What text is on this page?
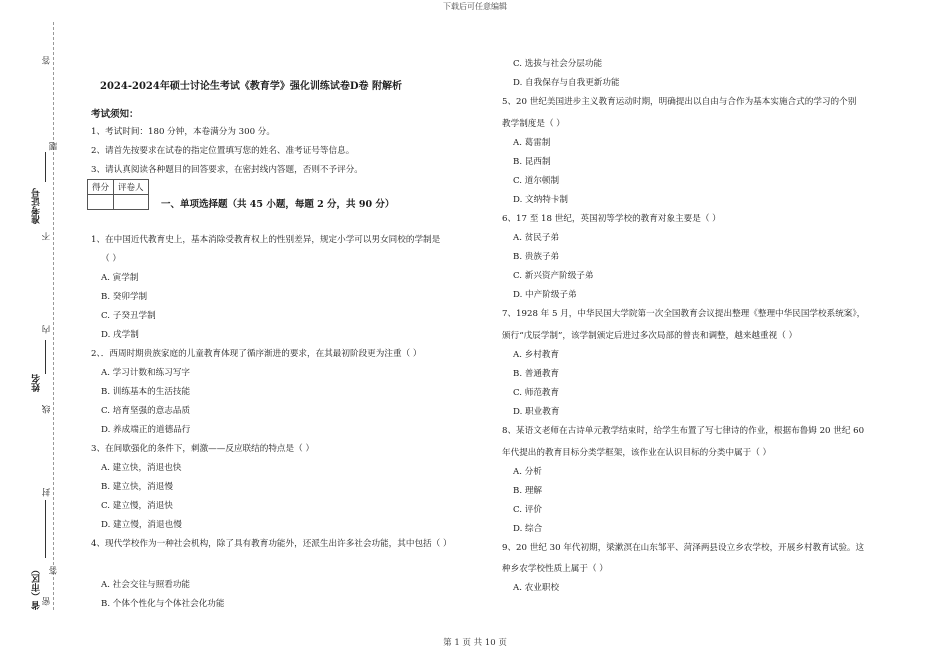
下载后可任意编辑
第 1 页 共 10 页
答
题
准考证号
不
内
姓名
线
封
答
省（市区） 密
2024-2024年硕士讨论生考试《教育学》强化训练试卷D卷 附解析
考试须知：
1、考试时间：180 分钟，本卷满分为 300 分。
2、请首先按要求在试卷的指定位置填写您的姓名、准考证号等信息。
3、请认真阅读各种题目的回答要求，在密封线内答题，否则不予评分。
得分	评卷人

一、单项选择题（共 45 小题，每题 2 分，共 90 分）
1、在中国近代教育史上，基本消除受教育权上的性别差异，规定小学可以男女同校的学制是
（ ）
A. 寅学制
B. 癸卯学制
C. 子癸丑学制
D. 戌学制
2、．西周时期贵族家庭的儿童教育体现了循序渐进的要求，在其最初阶段更为注重（ ）
A. 学习计数和练习写字
B. 训练基本的生活技能
C. 培育坚强的意志品质
D. 养成端正的道德品行
3、在间歇强化的条件下，刺激——反应联结的特点是（ ）
A. 建立快，消退也快
B. 建立快，消退慢
C. 建立慢，消退快
D. 建立慢，消退也慢
4、现代学校作为一种社会机构，除了具有教育功能外，还派生出许多社会功能，其中包括（ ）
A. 社会交往与照看功能
B. 个体个性化与个体社会化功能
C. 选拔与社会分层功能
D. 自我保存与自我更新功能
5、20 世纪美国进步主义教育运动时期，明确提出以自由与合作为基本实施合式的学习的个别
教学制度是（ ）
A. 葛雷制
B. 昆西制
C. 道尔顿制
D. 文纳特卡制
6、17 至 18 世纪，英国初等学校的教育对象主要是（ ）
A. 贫民子弟
B. 贵族子弟
C. 新兴资产阶级子弟
D. 中产阶级子弟
7、1928 年 5 月，中华民国大学院第一次全国教育会议提出整理《整理中华民国学校系统案》，
颁行“戊辰学制”，该学制颁定后进过多次局部的曾丧和调整，越来越重视（ ）
A. 乡村教育
B. 普通教育
C. 师范教育
D. 职业教育
8、某语文老师在古诗单元教学结束时，给学生布置了写七律诗的作业，根据布鲁姆 20 世纪 60
年代提出的教育目标分类学框架，该作业在认识目标的分类中属于（ ）
A. 分析
B. 理解
C. 评价
D. 综合
9、20 世纪 30 年代初期，梁漱溟在山东邹平、菏泽两县设立乡农学校，开展乡村教育试验。这
种乡农学校性质上属于（ ）
A. 农业职校
